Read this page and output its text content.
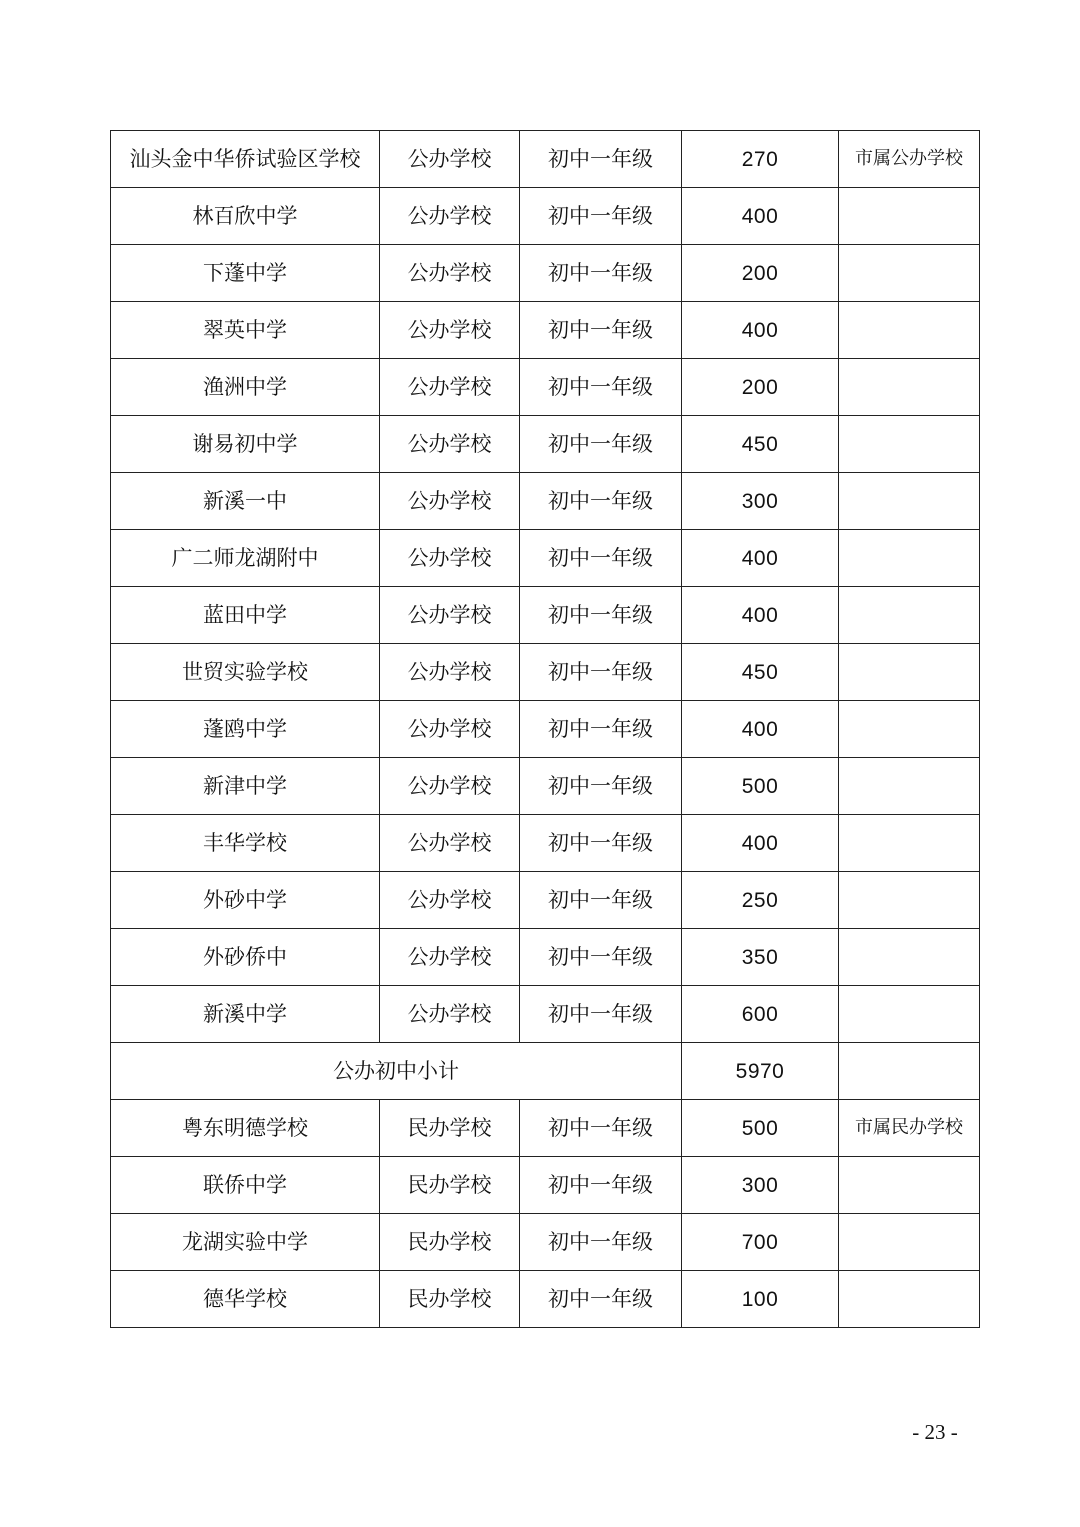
汕头金中华侨试验区学校	公办学校	初中一年级	270	市属公办学校
林百欣中学	公办学校	初中一年级	400	
下蓬中学	公办学校	初中一年级	200	
翠英中学	公办学校	初中一年级	400	
渔洲中学	公办学校	初中一年级	200	
谢易初中学	公办学校	初中一年级	450	
新溪一中	公办学校	初中一年级	300	
广二师龙湖附中	公办学校	初中一年级	400	
蓝田中学	公办学校	初中一年级	400	
世贸实验学校	公办学校	初中一年级	450	
蓬鸥中学	公办学校	初中一年级	400	
新津中学	公办学校	初中一年级	500	
丰华学校	公办学校	初中一年级	400	
外砂中学	公办学校	初中一年级	250	
外砂侨中	公办学校	初中一年级	350	
新溪中学	公办学校	初中一年级	600	
公办初中小计			5970	
粤东明德学校	民办学校	初中一年级	500	市属民办学校
联侨中学	民办学校	初中一年级	300	
龙湖实验中学	民办学校	初中一年级	700	
德华学校	民办学校	初中一年级	100	
- 23 -
